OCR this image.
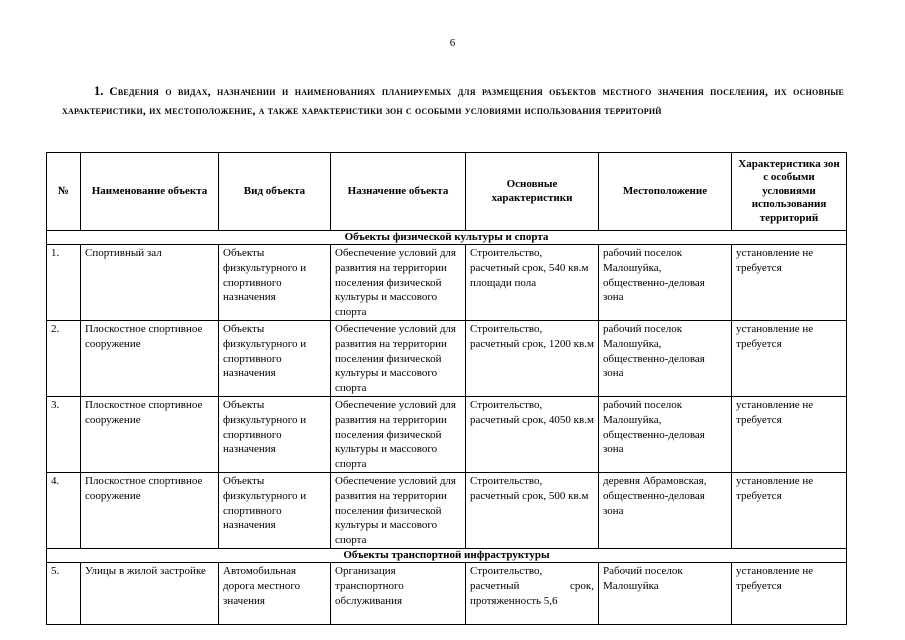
6
1. Сведения о видах, назначении и наименованиях планируемых для размещения объектов местного значения поселения, их основные характеристики, их местоположение, а также характеристики зон с особыми условиями использования территорий
№	Наименование объекта	Вид объекта	Назначение объекта	Основные характеристики	Местоположение	Характеристика зон с особыми условиями использования территорий
Объекты физической культуры и спорта						
1.	Спортивный зал	Объекты физкультурного и спортивного назначения	Обеспечение условий для развития на территории поселения физической культуры и массового спорта	Строительство, расчетный срок, 540 кв.м площади пола	рабочий поселок Малошуйка, общественно-деловая зона	установление не требуется
2.	Плоскостное спортивное сооружение	Объекты физкультурного и спортивного назначения	Обеспечение условий для развития на территории поселения физической культуры и массового спорта	Строительство, расчетный срок, 1200 кв.м	рабочий поселок Малошуйка, общественно-деловая зона	установление не требуется
3.	Плоскостное спортивное сооружение	Объекты физкультурного и спортивного назначения	Обеспечение условий для развития на территории поселения физической культуры и массового спорта	Строительство, расчетный срок, 4050 кв.м	рабочий поселок Малошуйка, общественно-деловая зона	установление не требуется
4.	Плоскостное спортивное сооружение	Объекты физкультурного и спортивного назначения	Обеспечение условий для развития на территории поселения физической культуры и массового спорта	Строительство, расчетный срок, 500 кв.м	деревня Абрамовская, общественно-деловая зона	установление не требуется
Объекты транспортной инфраструктуры						
5.	Улицы в жилой застройке	Автомобильная дорога местного значения	Организация транспортного обслуживания	Строительство, расчетный срок, протяженность 5,6	Рабочий поселок Малошуйка	установление не требуется
